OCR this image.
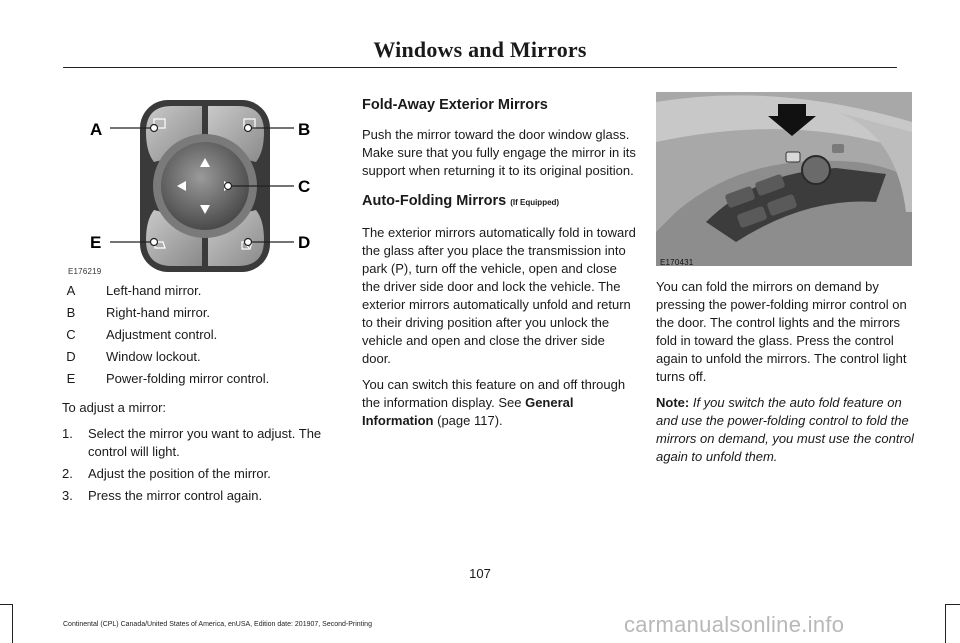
Windows and Mirrors
A	B
C
D
E
E176219
A	Left-hand mirror.
B	Right-hand mirror.
C	Adjustment control.
D	Window lockout.
E	Power-folding mirror control.

To adjust a mirror:

1.	Select the mirror you want to adjust. The control will light.
2.	Adjust the position of the mirror.
3.	Press the mirror control again.
Fold-Away Exterior Mirrors

Push the mirror toward the door window glass. Make sure that you fully engage the mirror in its support when returning it to its original position.

Auto-Folding Mirrors (If Equipped)

The exterior mirrors automatically fold in toward the glass after you place the transmission into park (P), turn off the vehicle, open and close the driver side door and lock the vehicle. The exterior mirrors automatically unfold and return to their driving position after you unlock the vehicle and open and close the driver side door.

You can switch this feature on and off through the information display. See General Information (page 117).

E170431

You can fold the mirrors on demand by pressing the power-folding mirror control on the door. The control lights and the mirrors fold in toward the glass. Press the control again to unfold the mirrors. The control light turns off.

Note: If you switch the auto fold feature on and use the power-folding control to fold the mirrors on demand, you must use the control again to unfold them.

107
Continental (CPL) Canada/United States of America, enUSA, Edition date: 201907, Second-Printing	carmanualsonline.info
